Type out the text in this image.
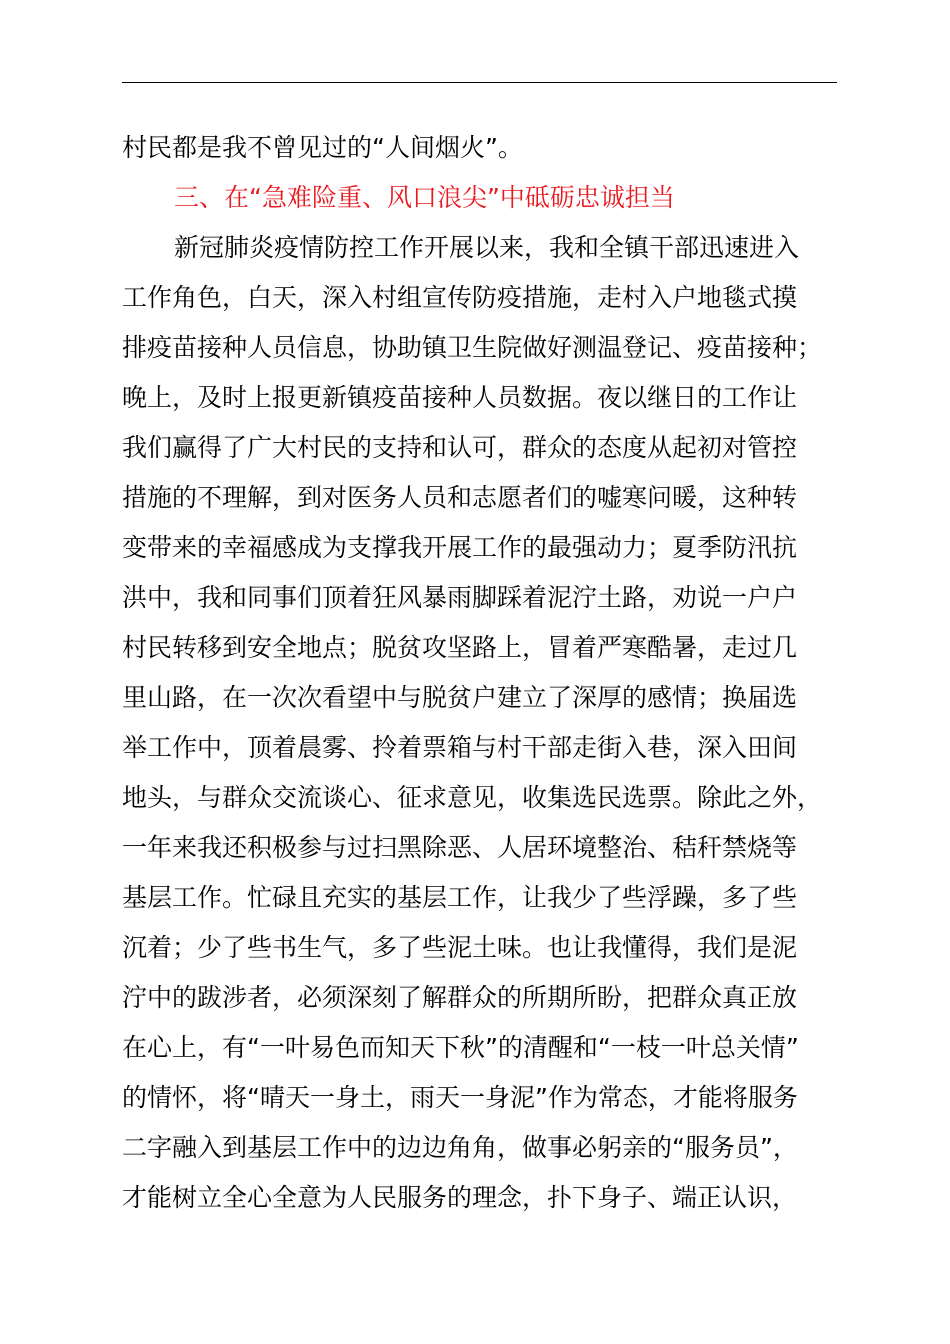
村民都是我不曾见过的“人间烟火”。
三、在“急难险重、风口浪尖”中砥砺忠诚担当
新冠肺炎疫情防控工作开展以来，我和全镇干部迅速进入
工作角色，白天，深入村组宣传防疫措施，走村入户地毯式摸
排疫苗接种人员信息，协助镇卫生院做好测温登记、疫苗接种；
晚上，及时上报更新镇疫苗接种人员数据。夜以继日的工作让
我们赢得了广大村民的支持和认可，群众的态度从起初对管控
措施的不理解，到对医务人员和志愿者们的嘘寒问暖，这种转
变带来的幸福感成为支撑我开展工作的最强动力；夏季防汛抗
洪中，我和同事们顶着狂风暴雨脚踩着泥泞土路，劝说一户户
村民转移到安全地点；脱贫攻坚路上，冒着严寒酷暑，走过几
里山路，在一次次看望中与脱贫户建立了深厚的感情；换届选
举工作中，顶着晨雾、拎着票箱与村干部走街入巷，深入田间
地头，与群众交流谈心、征求意见，收集选民选票。除此之外，
一年来我还积极参与过扫黑除恶、人居环境整治、秸秆禁烧等
基层工作。忙碌且充实的基层工作，让我少了些浮躁，多了些
沉着；少了些书生气，多了些泥土味。也让我懂得，我们是泥
泞中的跋涉者，必须深刻了解群众的所期所盼，把群众真正放
在心上，有“一叶易色而知天下秋”的清醒和“一枝一叶总关情”
的情怀，将“晴天一身土，雨天一身泥”作为常态，才能将服务
二字融入到基层工作中的边边角角，做事必躬亲的“服务员”，
才能树立全心全意为人民服务的理念，扑下身子、端正认识，
